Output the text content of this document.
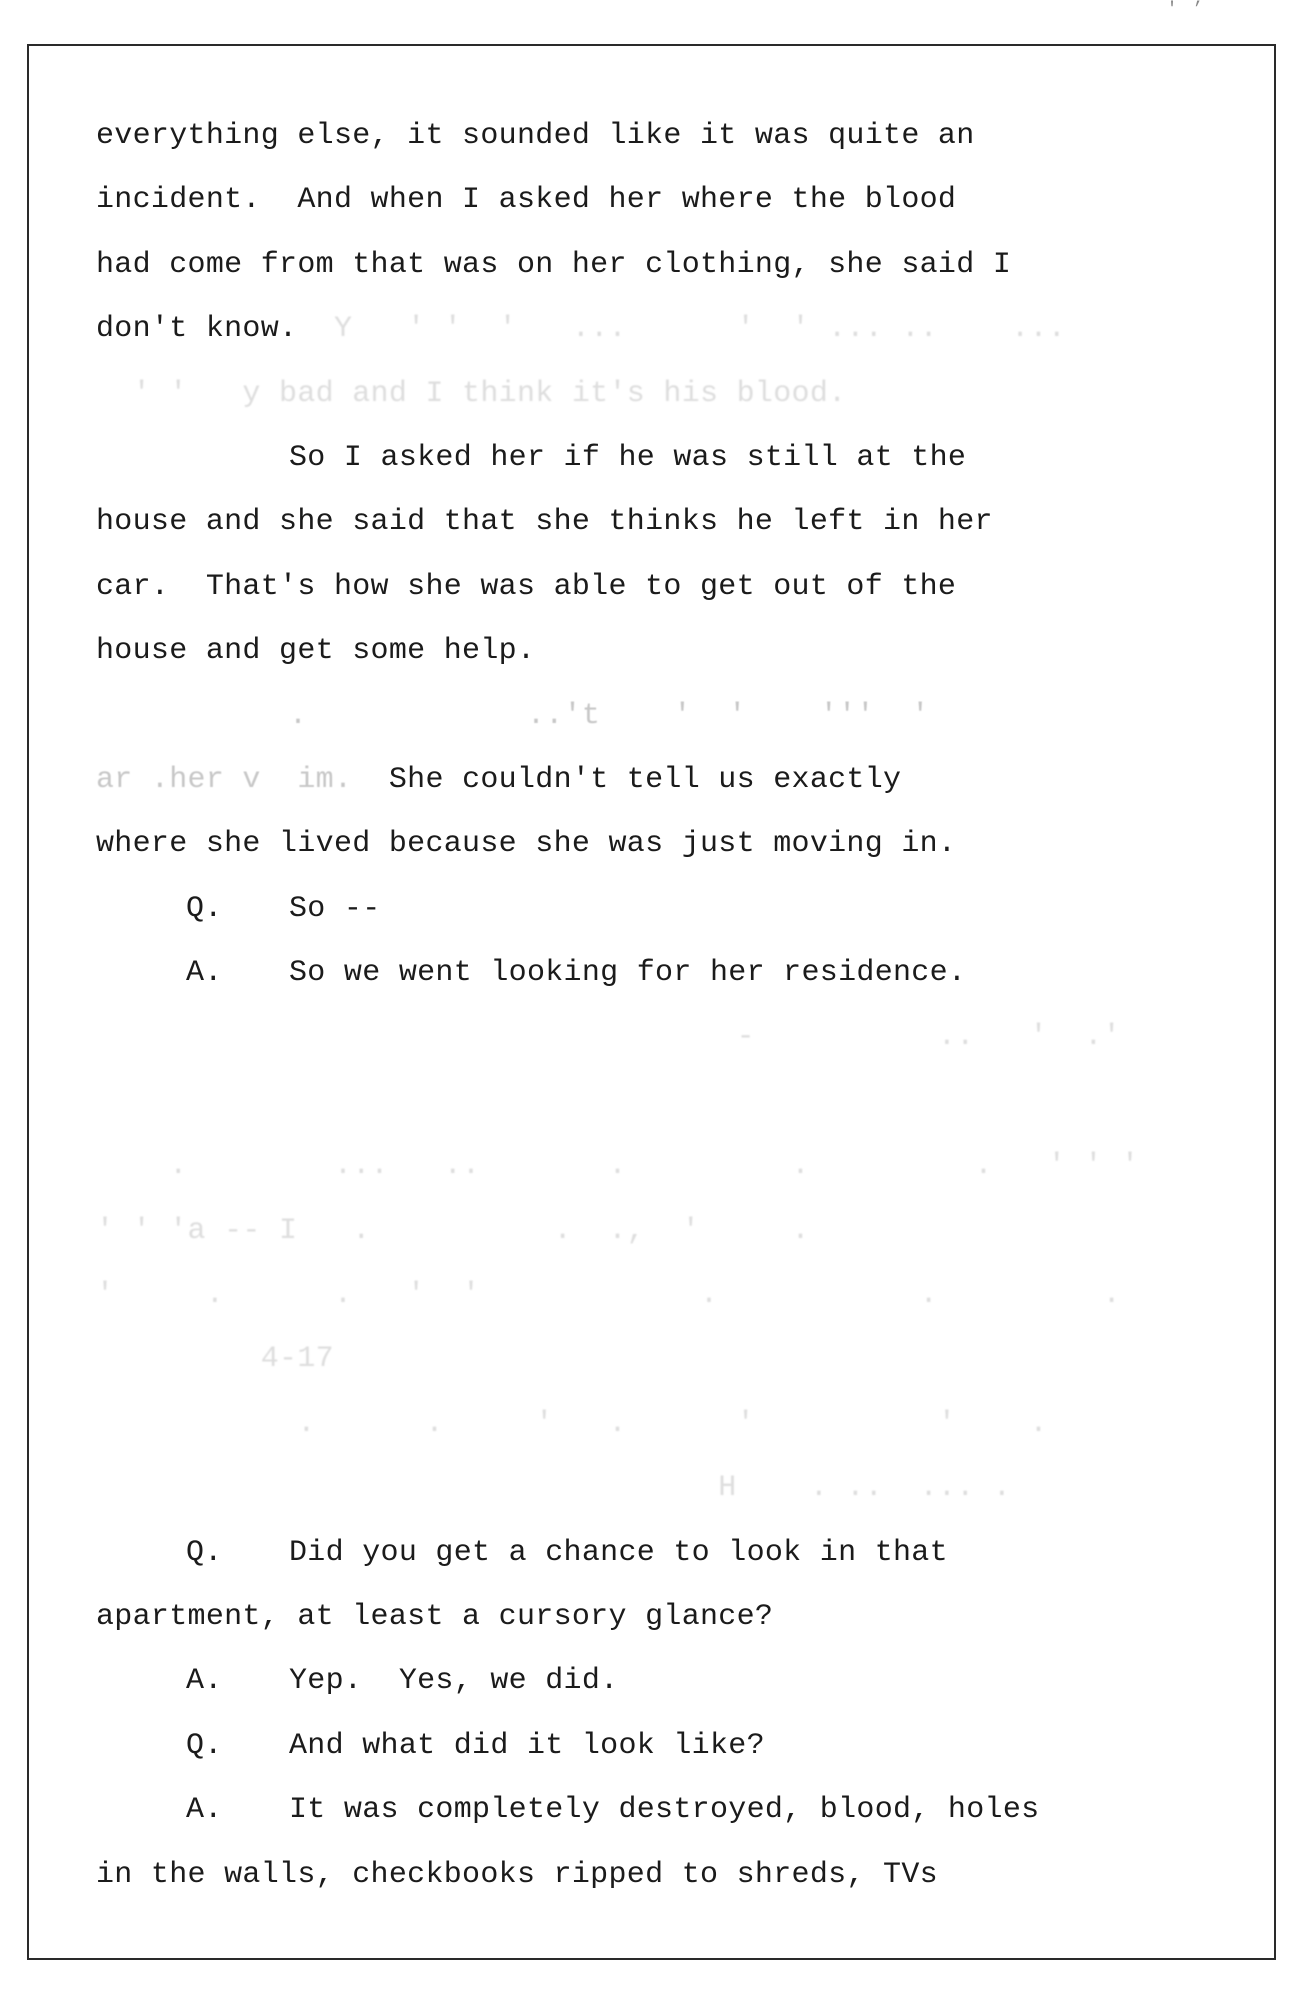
' ’
everything else, it sounded like it was quite an
incident.  And when I asked her where the blood
had come from that was on her clothing, she said I
don't know.  Y   ' '  '   ...      '  ' ... ..    ...
' '   y bad and I think it's his blood.
So I asked her if he was still at the
house and she said that she thinks he left in her
car.  That's how she was able to get out of the
house and get some help.
.            ..'t    '  '    '''  '
ar .her v  im.  She couldn't tell us exactly
where she lived because she was just moving in.
Q. So --
A. So we went looking for her residence.
-          ..   '  .'
.        ...   ..       .         .         .   ' ' '
' ' 'a -- I   .          .  .,  '     .
'     .      .   '  '            .           .         .
4-17
.      .     '   .      '          '    .
H    . ..  ... .
Q. Did you get a chance to look in that
apartment, at least a cursory glance?
A. Yep.  Yes, we did.
Q. And what did it look like?
A. It was completely destroyed, blood, holes
in the walls, checkbooks ripped to shreds, TVs
